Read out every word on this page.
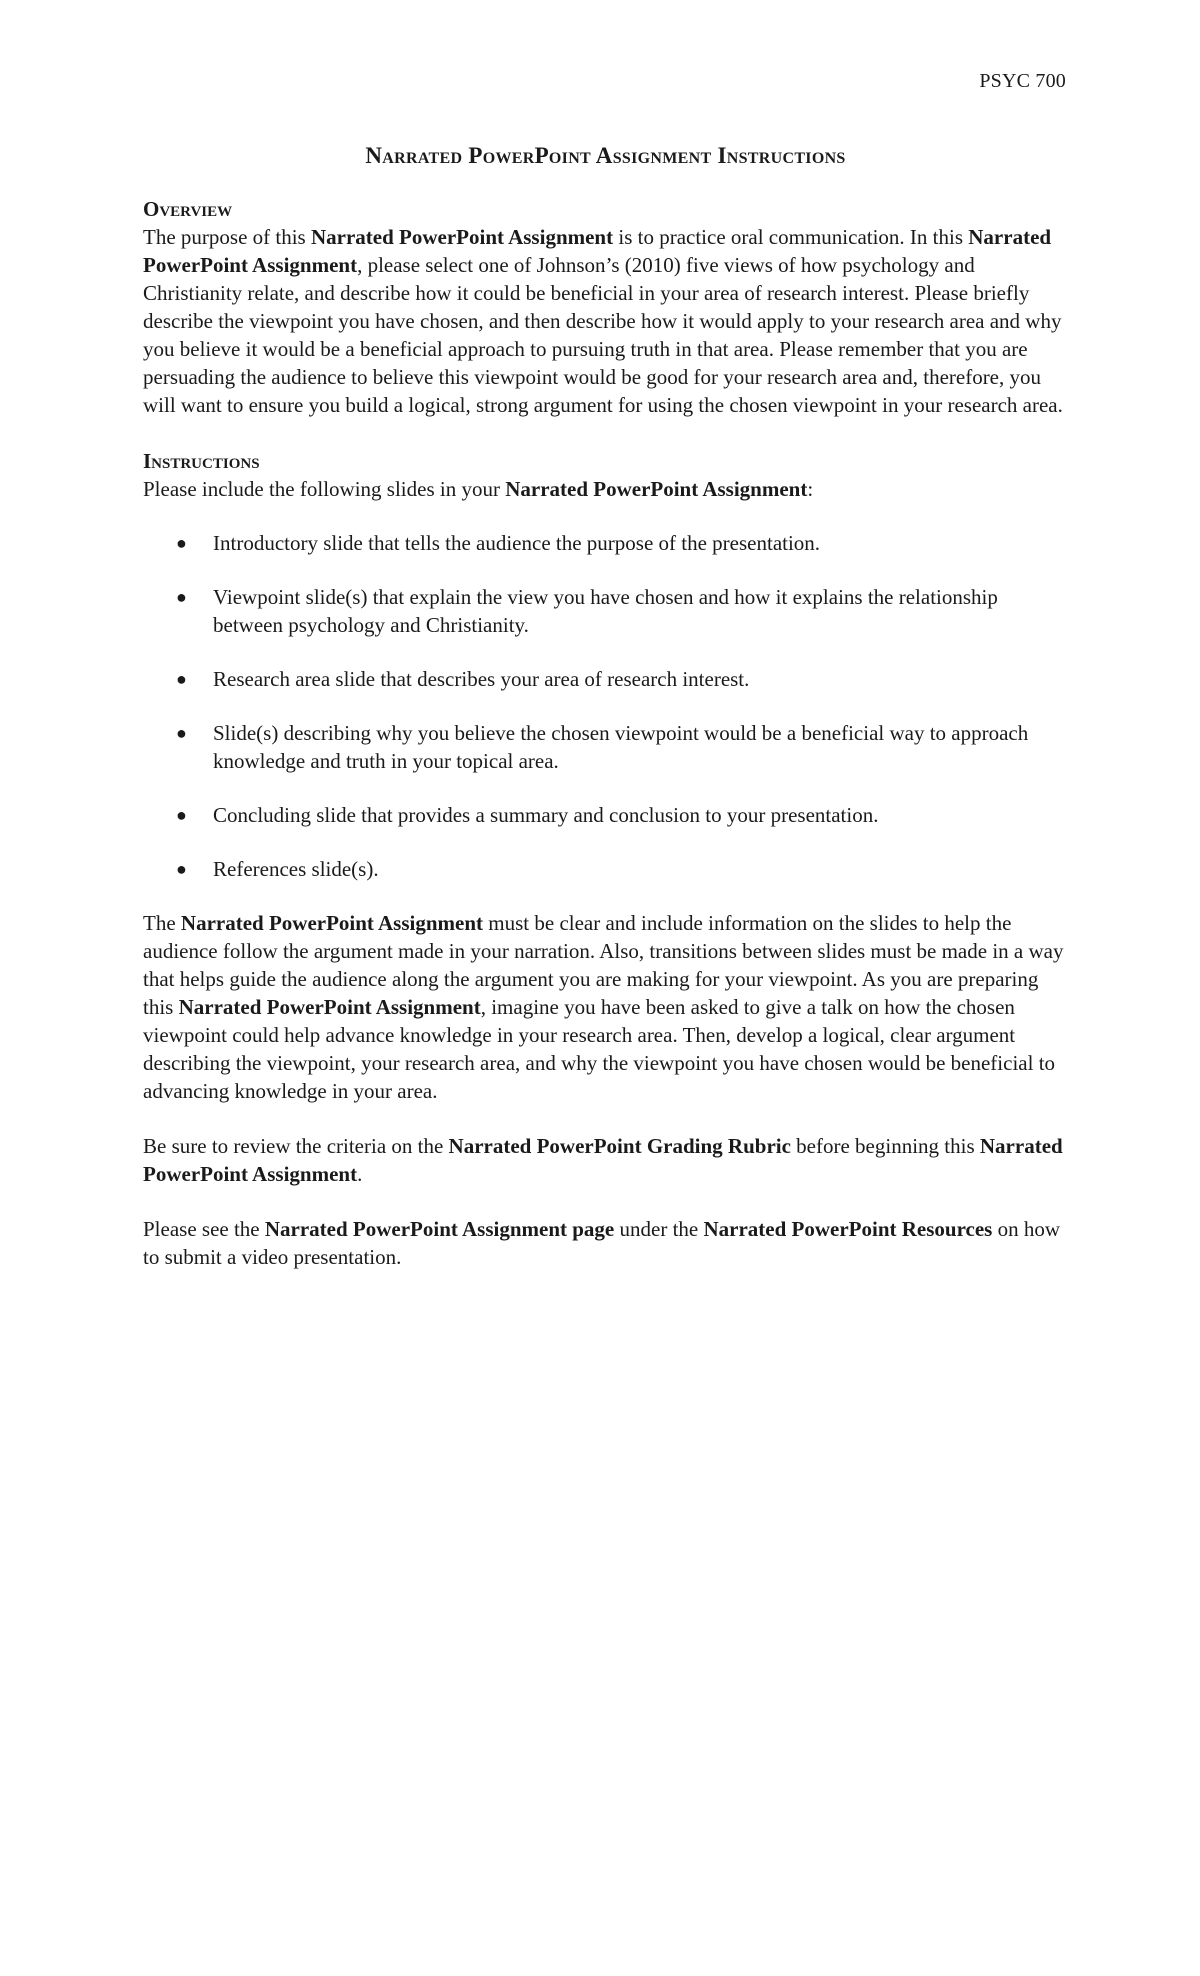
PSYC 700
Narrated PowerPoint Assignment Instructions
Overview

The purpose of this Narrated PowerPoint Assignment is to practice oral communication. In this Narrated PowerPoint Assignment, please select one of Johnson’s (2010) five views of how psychology and Christianity relate, and describe how it could be beneficial in your area of research interest. Please briefly describe the viewpoint you have chosen, and then describe how it would apply to your research area and why you believe it would be a beneficial approach to pursuing truth in that area. Please remember that you are persuading the audience to believe this viewpoint would be good for your research area and, therefore, you will want to ensure you build a logical, strong argument for using the chosen viewpoint in your research area.

Instructions

Please include the following slides in your Narrated PowerPoint Assignment:

● Introductory slide that tells the audience the purpose of the presentation.
● Viewpoint slide(s) that explain the view you have chosen and how it explains the relationship between psychology and Christianity.
● Research area slide that describes your area of research interest.
● Slide(s) describing why you believe the chosen viewpoint would be a beneficial way to approach knowledge and truth in your topical area.
● Concluding slide that provides a summary and conclusion to your presentation.
● References slide(s).

The Narrated PowerPoint Assignment must be clear and include information on the slides to help the audience follow the argument made in your narration. Also, transitions between slides must be made in a way that helps guide the audience along the argument you are making for your viewpoint. As you are preparing this Narrated PowerPoint Assignment, imagine you have been asked to give a talk on how the chosen viewpoint could help advance knowledge in your research area. Then, develop a logical, clear argument describing the viewpoint, your research area, and why the viewpoint you have chosen would be beneficial to advancing knowledge in your area.

Be sure to review the criteria on the Narrated PowerPoint Grading Rubric before beginning this Narrated PowerPoint Assignment.

Please see the Narrated PowerPoint Assignment page under the Narrated PowerPoint Resources on how to submit a video presentation.
